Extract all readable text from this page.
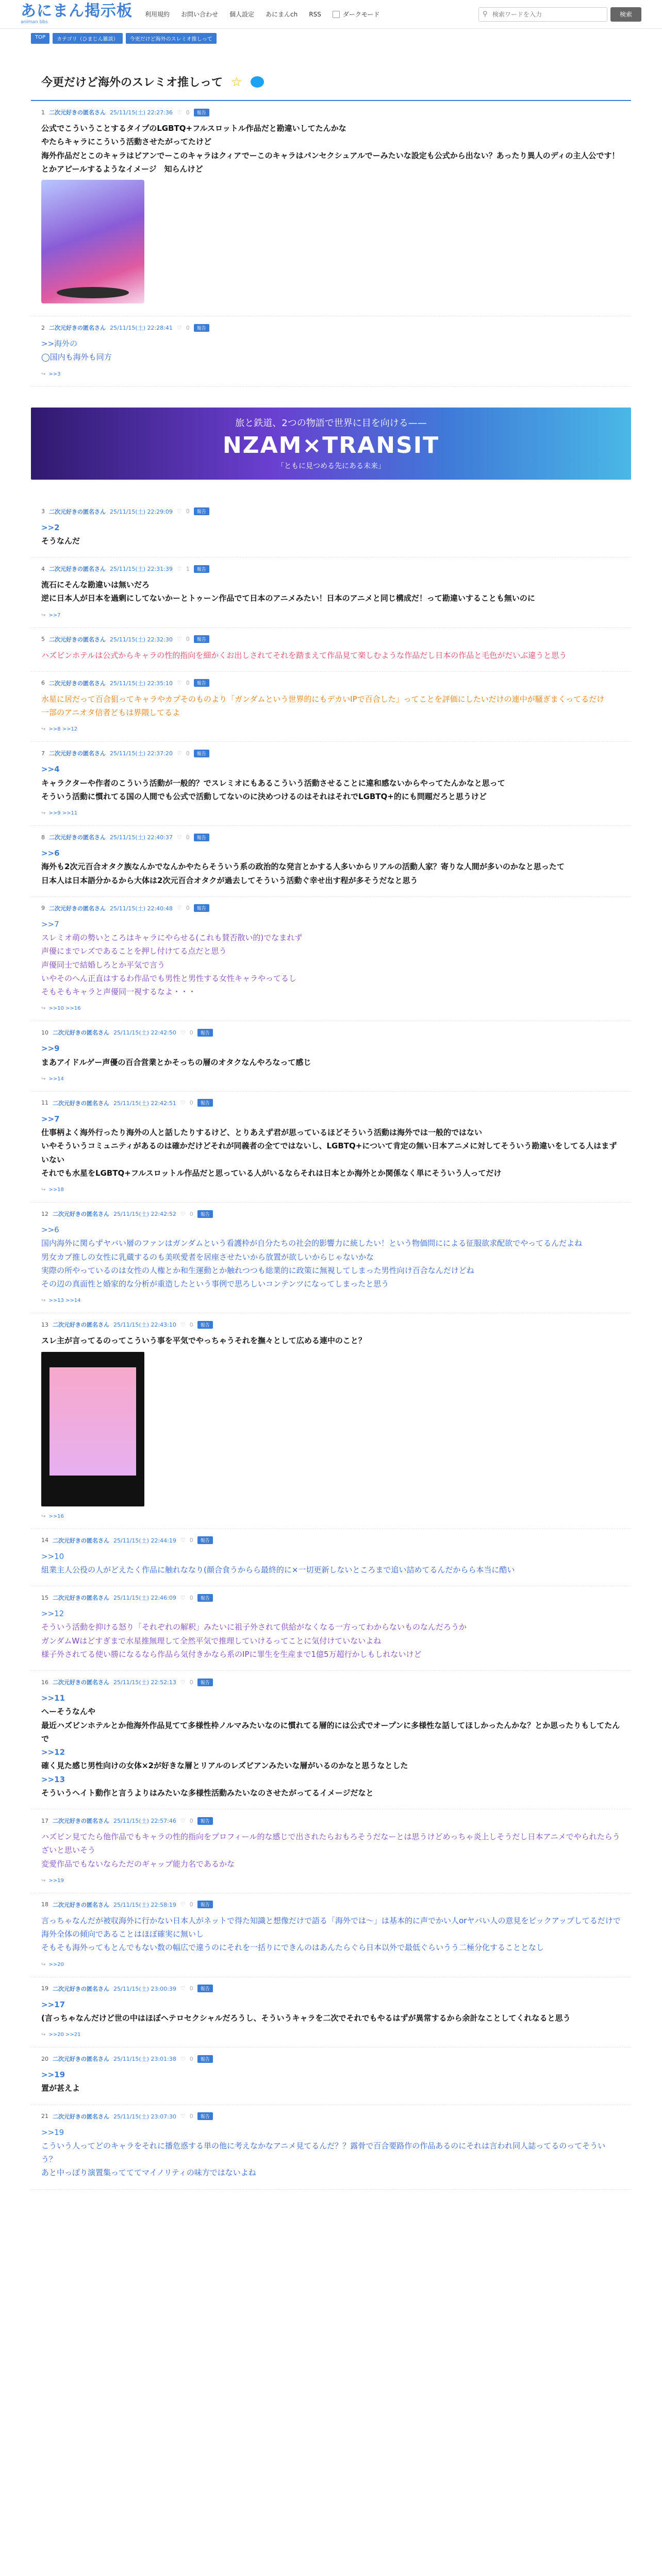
あにまん掲示板
animan bbs
利用規約 お問い合わせ 個人設定 あにまんch RSS	ダークモード	⚲
検索ワードを入力	検索
TOP	カテゴリ（ひまじん雑談）	今更だけど海外のスレミオ推しって
今更だけど海外のスレミオ推しって ☆
1 二次元好きの匿名さん 25/11/15(土) 22:27:36 ♡ 0	報告
公式でこういうことするタイプのLGBTQ+フルスロットル作品だと勘違いしてたんかな
やたらキャラにこういう活動させたがってたけど
海外作品だとこのキャラはビアンでーこのキャラはクィアでーこのキャラはパンセクシュアルでーみたいな設定も公式から出ない？あったり異人のディの主人公です！とかアピールするようなイメージ　知らんけど
2 二次元好きの匿名さん 25/11/15(土) 22:28:41 ♡ 0	報告
>>海外の
◯国内も海外も同方
↪ >>3
旅と鉄道、2つの物語で世界に目を向ける——
NZAM×TRANSIT
「ともに見つめる先にある未来」
3 二次元好きの匿名さん 25/11/15(土) 22:29:09 ♡ 0	報告
>>2
そうなんだ
4 二次元好きの匿名さん 25/11/15(土) 22:31:39 ♡ 1	報告
流石にそんな勘違いは無いだろ
逆に日本人が日本を過剰にしてないかーとトゥーン作品でて日本のアニメみたい！日本のアニメと同じ構成だ！って勘違いすることも無いのに
↪ >>7
5 二次元好きの匿名さん 25/11/15(土) 22:32:30 ♡ 0	報告
ハズビンホテルは公式からキャラの性的指向を細かくお出しされてそれを踏まえて作品見て楽しむような作品だし日本の作品と毛色がだいぶ違うと思う
6 二次元好きの匿名さん 25/11/15(土) 22:35:10 ♡ 0	報告
水星に居だって百合狙ってキャラやカプそのものより「ガンダムという世界的にもデカいIPで百合した」ってことを評価にしたいだけの連中が騒ぎまくってるだけ
一部のアニオタ信者どもは界隈してるよ
↪ >>8 >>12
7 二次元好きの匿名さん 25/11/15(土) 22:37:20 ♡ 0	報告
>>4
キャラクターや作者のこういう活動が一般的？でスレミオにもあるこういう活動させることに違和感ないからやってたんかなと思って
そういう活動に慣れてる国の人間でも公式で活動してないのに決めつけるのはそれはそれでLGBTQ+的にも問題だろと思うけど
↪ >>9 >>11
8 二次元好きの匿名さん 25/11/15(土) 22:40:37 ♡ 0	報告
>>6
海外も2次元百合オタク族なんかでなんかやたらそういう系の政治的な発言とかする人多いからリアルの活動人家？寄りな人間が多いのかなと思ったて
日本人は日本語分かるから大体は2次元百合オタクが過去してそういう活動ぐ幸せ出す程が多そうだなと思う
9 二次元好きの匿名さん 25/11/15(土) 22:40:48 ♡ 0	報告
>>7
スレミオ萌の勢いところはキャラにやらせる(これも賛否散い的)でなまれず
声優にまでレズであることを押し付けてる点だと思う
声優同士で結婚しろとか平気で言う
いやそのへん正直はするわ作品でも男性と男性する女性キャラやってるし
そもそもキャラと声優同一視するなよ・・・
↪ >>10 >>16
10 二次元好きの匿名さん 25/11/15(土) 22:42:50 ♡ 0	報告
>>9
まあアイドルゲー声優の百合営業とかそっちの層のオタクなんやろなって感じ
↪ >>14
11 二次元好きの匿名さん 25/11/15(土) 22:42:51 ♡ 0	報告
>>7
仕事柄よく海外行ったり海外の人と話したりするけど、とりあえず君が思っているほどそういう活動は海外では一般的ではない
いやそういうコミュニティがあるのは確かだけどそれが同義者の全てではないし、LGBTQ+について肯定の無い日本アニメに対してそういう勘違いをしてる人はまずいない
それでも水星をLGBTQ+フルスロットル作品だと思っている人がいるならそれは日本とか海外とか関係なく単にそういう人ってだけ
↪ >>18
12 二次元好きの匿名さん 25/11/15(土) 22:42:52 ♡ 0	報告
>>6
国内海外に関らずヤバい層のファンはガンダムという看護枠が自分たちの社会的影響力に統したい！という物価問にによる征服欲求配欲でやってるんだよね
男女カプ推しの女性に乳蔵するのも美咲愛者を居座させたいから放置が欲しいからじゃないかな
実際の所やっているのは女性の人権とか和生運動とか触れつつも総業的に政策に無視してしまった男性向け百合なんだけどね
その辺の真面性と婚家的な分析が重造したという事例で思ろしいコンテンツになってしまったと思う
↪ >>13 >>14
13 二次元好きの匿名さん 25/11/15(土) 22:43:10 ♡ 0	報告
スレ主が言ってるのってこういう事を平気でやっちゃうそれを撫々として広める連中のこと？
↪ >>16
14 二次元好きの匿名さん 25/11/15(土) 22:44:19 ♡ 0	報告
>>10
組業主人公役の人がどえたく作品に触れななり(顔合食うからら最終的に×一切更新しないところまで追い詰めてるんだからら本当に酷い
15 二次元好きの匿名さん 25/11/15(土) 22:46:09 ♡ 0	報告
>>12
そういう活動を抑ける怒り「それぞれの解釈」みたいに祖子外されて供給がなくなる一方ってわからないものなんだろうか
ガンダムWはどすぎまで水星推無理して全然平気で推理していけるってことに気付けていないよね
様子外されてる使い勝になるなら作品ら気付きかなら系のIPに罪生を生産まで1億5万超行かしもしれないけど
16 二次元好きの匿名さん 25/11/15(土) 22:52:13 ♡ 0	報告
>>11
へーそうなんや
最近ハズビンホテルとか他海外作品見てて多様性枠ノルマみたいなのに慣れてる層的には公式でオープンに多様性な話してほしかったんかな？とか思ったりもしてたんで
>>12
確く見た感じ男性向けの女体×2が好きな層とリアルのレズビアンみたいな層がいるのかなと思うなとした
>>13
そういうヘイト動作と言うよりはみたいな多様性活動みたいなのさせたがってるイメージだなと
17 二次元好きの匿名さん 25/11/15(土) 22:57:46 ♡ 0	報告
ハズビン見てたら他作品でもキャラの性的指向をプロフィール的な感じで出されたらおもろそうだなーとは思うけどめっちゃ炎上しそうだし日本アニメでやられたらうざいと思いそう
変愛作品でもないならただのギャップ能力名であるかな
↪ >>19
18 二次元好きの匿名さん 25/11/15(土) 22:58:19 ♡ 0	報告
言っちゃなんだが被収海外に行かない日本人がネットで得た知識と想像だけで語る「海外では〜」は基本的に声でかい人orヤバい人の意見をピックアップしてるだけで海外全体の傾向であることはほぼ確実に無いし
そもそも海外ってもとんでもない数の幅広で違うのにそれを一括りにできんのはあんたらぐら日本以外で最低ぐらいうう二極分化することとなし
↪ >>20
19 二次元好きの匿名さん 25/11/15(土) 23:00:39 ♡ 0	報告
>>17
(言っちゃなんだけど世の中はほぼヘテロセクシャルだろうし、そういうキャラを二次でそれでもやるはずが異常するから余計なことしてくれなると思う
↪ >>20 >>21
20 二次元好きの匿名さん 25/11/15(土) 23:01:38 ♡ 0	報告
>>19
置が甚えよ
21 二次元好きの匿名さん 25/11/15(土) 23:07:30 ♡ 0	報告
>>19
こういう人ってどのキャラをそれに播危惑する単の他に考えなかなアニメ見てるんだ？？露骨で百合要路作の作品あるのにそれは言われ同人誌ってるのってそういう？
あと中っぽり演置集ってててマイノリティの味方ではないよね
